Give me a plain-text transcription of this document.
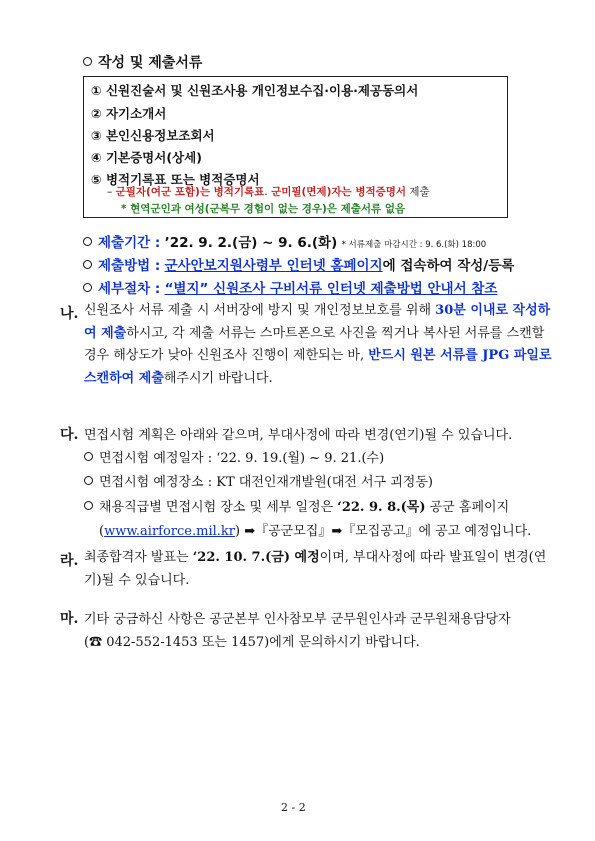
작성 및 제출서류
① 신원진술서 및 신원조사용 개인정보수집·이용·제공동의서
② 자기소개서
③ 본인신용정보조회서
④ 기본증명서(상세)
⑤ 병적기록표 또는 병적증명서
– 군필자(여군 포함)는 병적기록표. 군미필(면제)자는 병적증명서 제출
* 현역군인과 여성(군복무 경험이 없는 경우)은 제출서류 없음
제출기간 : ’22. 9. 2.(금) ~ 9. 6.(화) * 서류제출 마감시간 : 9. 6.(화) 18:00
제출방법 : 군사안보지원사령부 인터넷 홈페이지에 접속하여 작성/등록
세부절차 : “별지” 신원조사 구비서류 인터넷 제출방법 안내서 참조
나. 신원조사 서류 제출 시 서버장에 방지 및 개인정보보호를 위해 30분 이내로 작성하여 제출하시고, 각 제출 서류는 스마트폰으로 사진을 찍거나 복사된 서류를 스캔할 경우 해상도가 낮아 신원조사 진행이 제한되는 바, 반드시 원본 서류를 JPG 파일로 스캔하여 제출해주시기 바랍니다.

다. 면접시험 계획은 아래와 같으며, 부대사정에 따라 변경(연기)될 수 있습니다.
면접시험 예정일자 : ‘22. 9. 19.(월) ~ 9. 21.(수)
면접시험 예정장소 : KT 대전인재개발원(대전 서구 괴정동)
채용직급별 면접시험 장소 및 세부 일정은 ‘22. 9. 8.(목) 공군 홈페이지
(www.airforce.mil.kr) ➡『공군모집』➡『모집공고』에 공고 예정입니다.
라. 최종합격자 발표는 ‘22. 10. 7.(금) 예정이며, 부대사정에 따라 발표일이 변경(연기)될 수 있습니다.

마. 기타 궁금하신 사항은 공군본부 인사참모부 군무원인사과 군무원채용담당자
(☎ 042-552-1453 또는 1457)에게 문의하시기 바랍니다.
2 - 2
